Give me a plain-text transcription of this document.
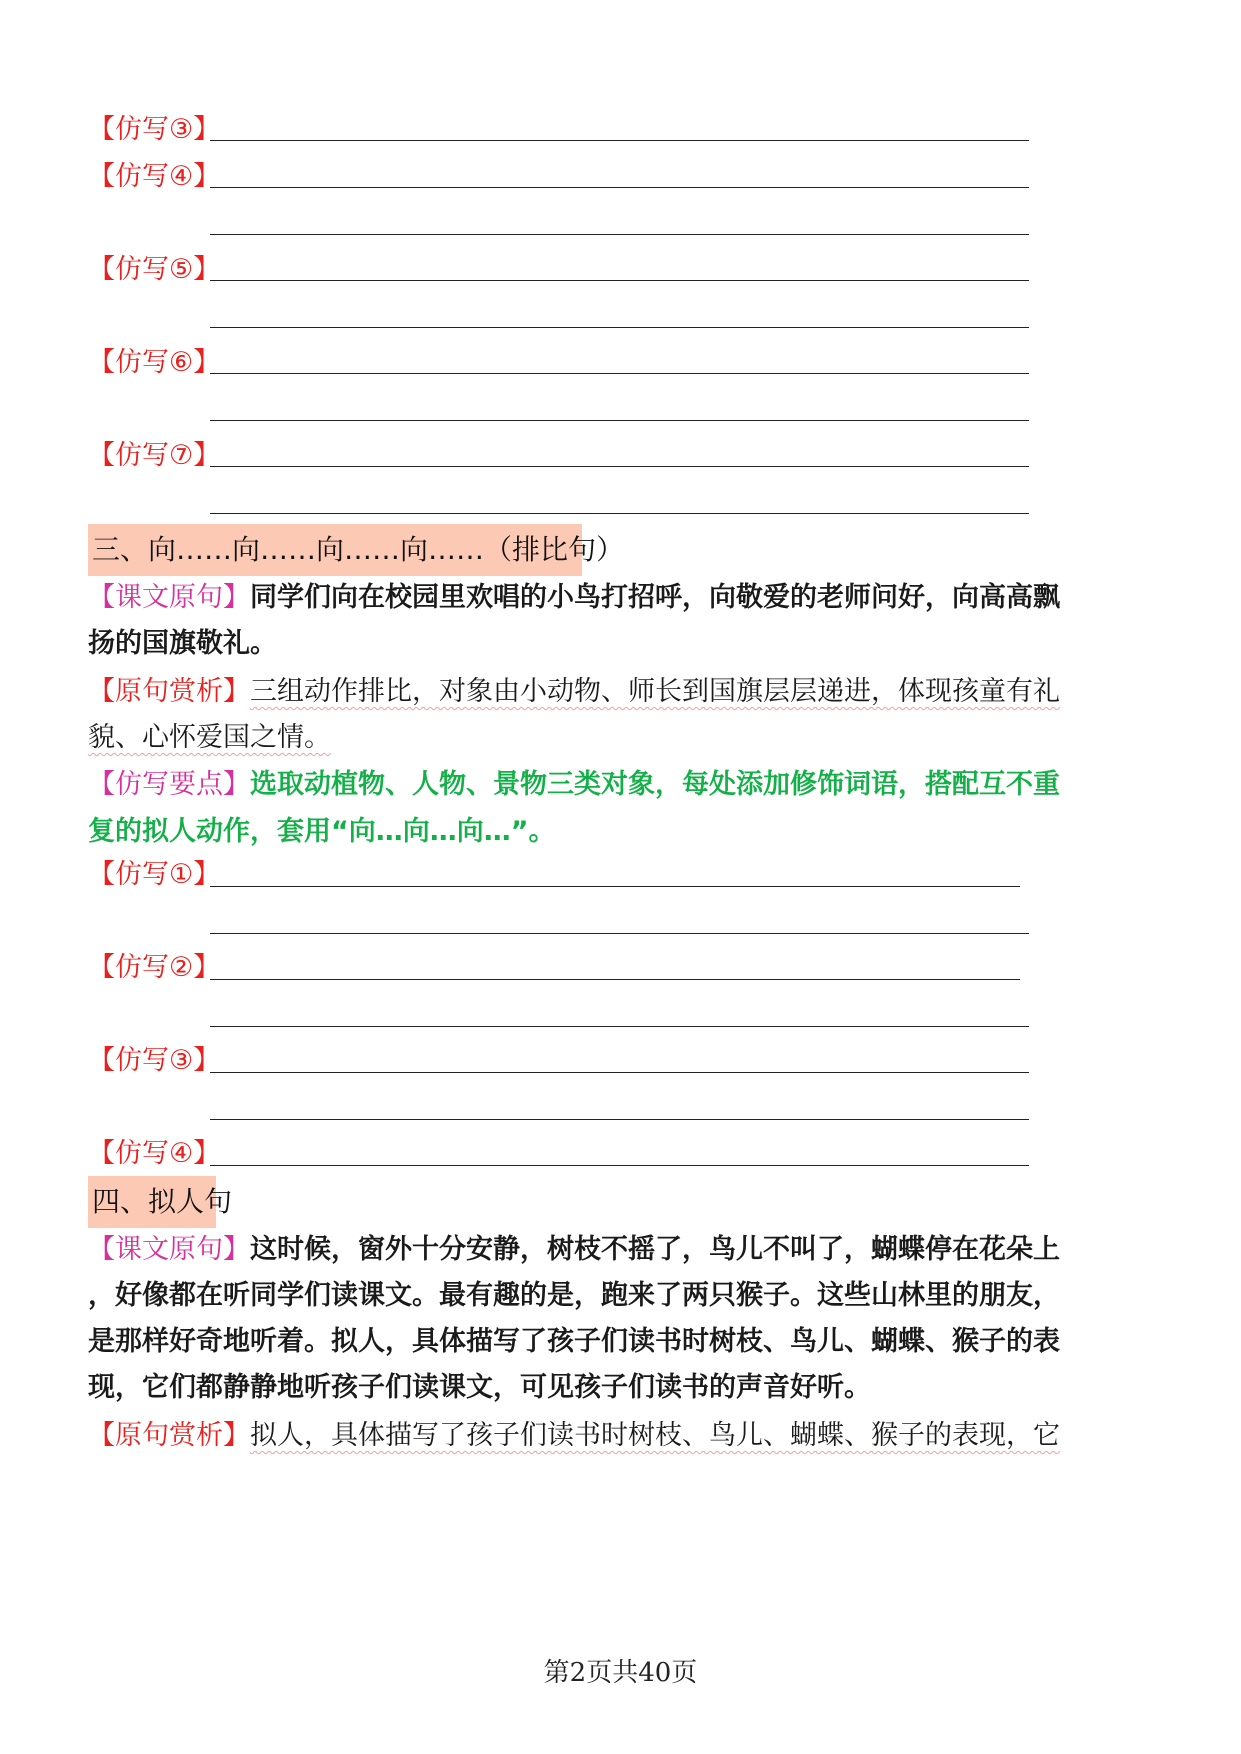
【仿写③】
【仿写④】
【仿写⑤】
【仿写⑥】
【仿写⑦】
三、向……向……向……向……（排比句）
【课文原句】同学们向在校园里欢唱的小鸟打招呼，向敬爱的老师问好，向高高飘
扬的国旗敬礼。
【原句赏析】三组动作排比，对象由小动物、师长到国旗层层递进，体现孩童有礼
貌、心怀爱国之情。
【仿写要点】选取动植物、人物、景物三类对象，每处添加修饰词语，搭配互不重
复的拟人动作，套用“向…向…向…”。
【仿写①】
【仿写②】
【仿写③】
【仿写④】
四、拟人句
【课文原句】这时候，窗外十分安静，树枝不摇了，鸟儿不叫了，蝴蝶停在花朵上
，好像都在听同学们读课文。最有趣的是，跑来了两只猴子。这些山林里的朋友，
是那样好奇地听着。拟人，具体描写了孩子们读书时树枝、鸟儿、蝴蝶、猴子的表
现，它们都静静地听孩子们读课文，可见孩子们读书的声音好听。
【原句赏析】拟人，具体描写了孩子们读书时树枝、鸟儿、蝴蝶、猴子的表现，它
第2页共40页
